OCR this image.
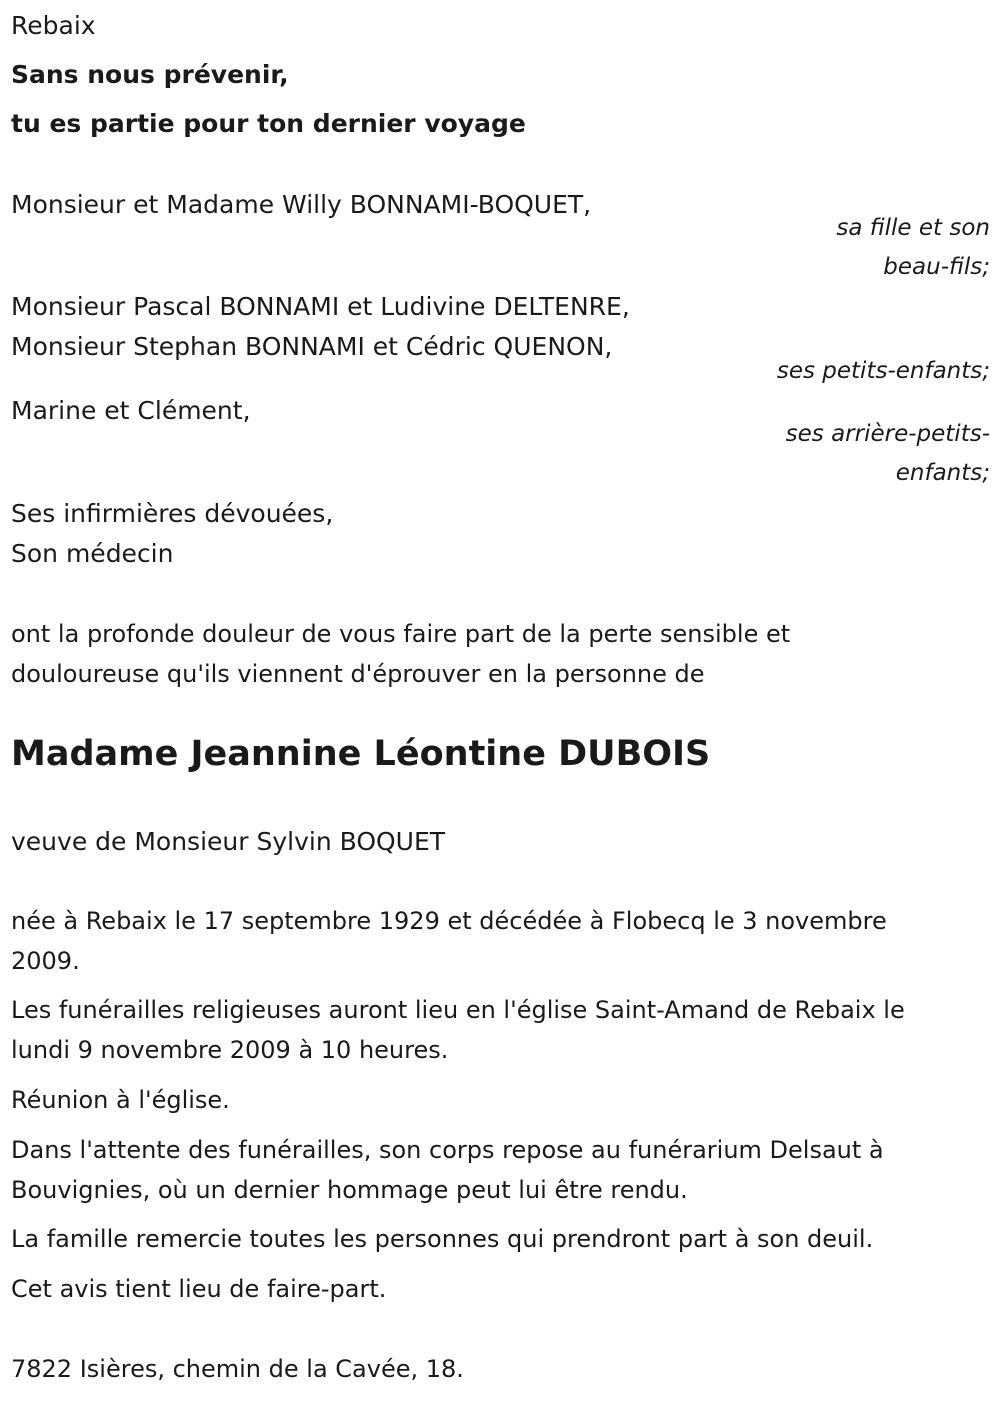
Rebaix

Sans nous prévenir,

tu es partie pour ton dernier voyage

Monsieur et Madame Willy BONNAMI-BOQUET,

sa fille et son

beau-fils;

Monsieur Pascal BONNAMI et Ludivine DELTENRE,

Monsieur Stephan BONNAMI et Cédric QUENON,

ses petits-enfants;

Marine et Clément,

ses arrière-petits-

enfants;

Ses infirmières dévouées,

Son médecin

ont la profonde douleur de vous faire part de la perte sensible et

douloureuse qu'ils viennent d'éprouver en la personne de

Madame Jeannine Léontine DUBOIS

veuve de Monsieur Sylvin BOQUET

née à Rebaix le 17 septembre 1929 et décédée à Flobecq le 3 novembre

2009.

Les funérailles religieuses auront lieu en l'église Saint-Amand de Rebaix le

lundi 9 novembre 2009 à 10 heures.

Réunion à l'église.

Dans l'attente des funérailles, son corps repose au funérarium Delsaut à

Bouvignies, où un dernier hommage peut lui être rendu.

La famille remercie toutes les personnes qui prendront part à son deuil.

Cet avis tient lieu de faire-part.

7822 Isières, chemin de la Cavée, 18.
